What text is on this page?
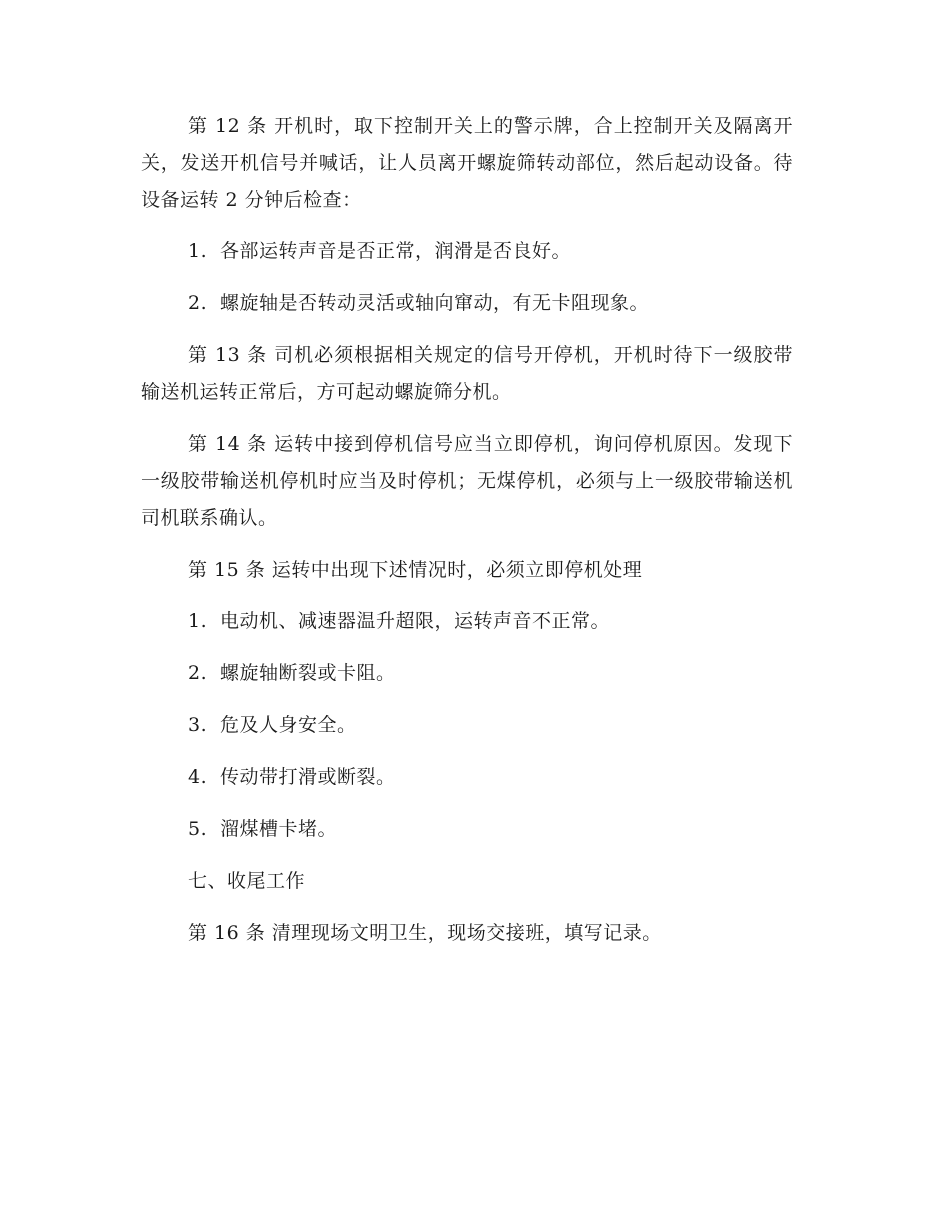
第 12 条 开机时，取下控制开关上的警示牌，合上控制开关及隔离开关，发送开机信号并喊话，让人员离开螺旋筛转动部位，然后起动设备。待设备运转 2 分钟后检查：

1. 各部运转声音是否正常，润滑是否良好。

2. 螺旋轴是否转动灵活或轴向窜动，有无卡阻现象。

第 13 条 司机必须根据相关规定的信号开停机，开机时待下一级胶带输送机运转正常后，方可起动螺旋筛分机。

第 14 条 运转中接到停机信号应当立即停机，询问停机原因。发现下一级胶带输送机停机时应当及时停机；无煤停机，必须与上一级胶带输送机司机联系确认。

第 15 条 运转中出现下述情况时，必须立即停机处理

1. 电动机、减速器温升超限，运转声音不正常。

2. 螺旋轴断裂或卡阻。

3. 危及人身安全。

4. 传动带打滑或断裂。

5. 溜煤槽卡堵。

七、收尾工作

第 16 条 清理现场文明卫生，现场交接班，填写记录。
